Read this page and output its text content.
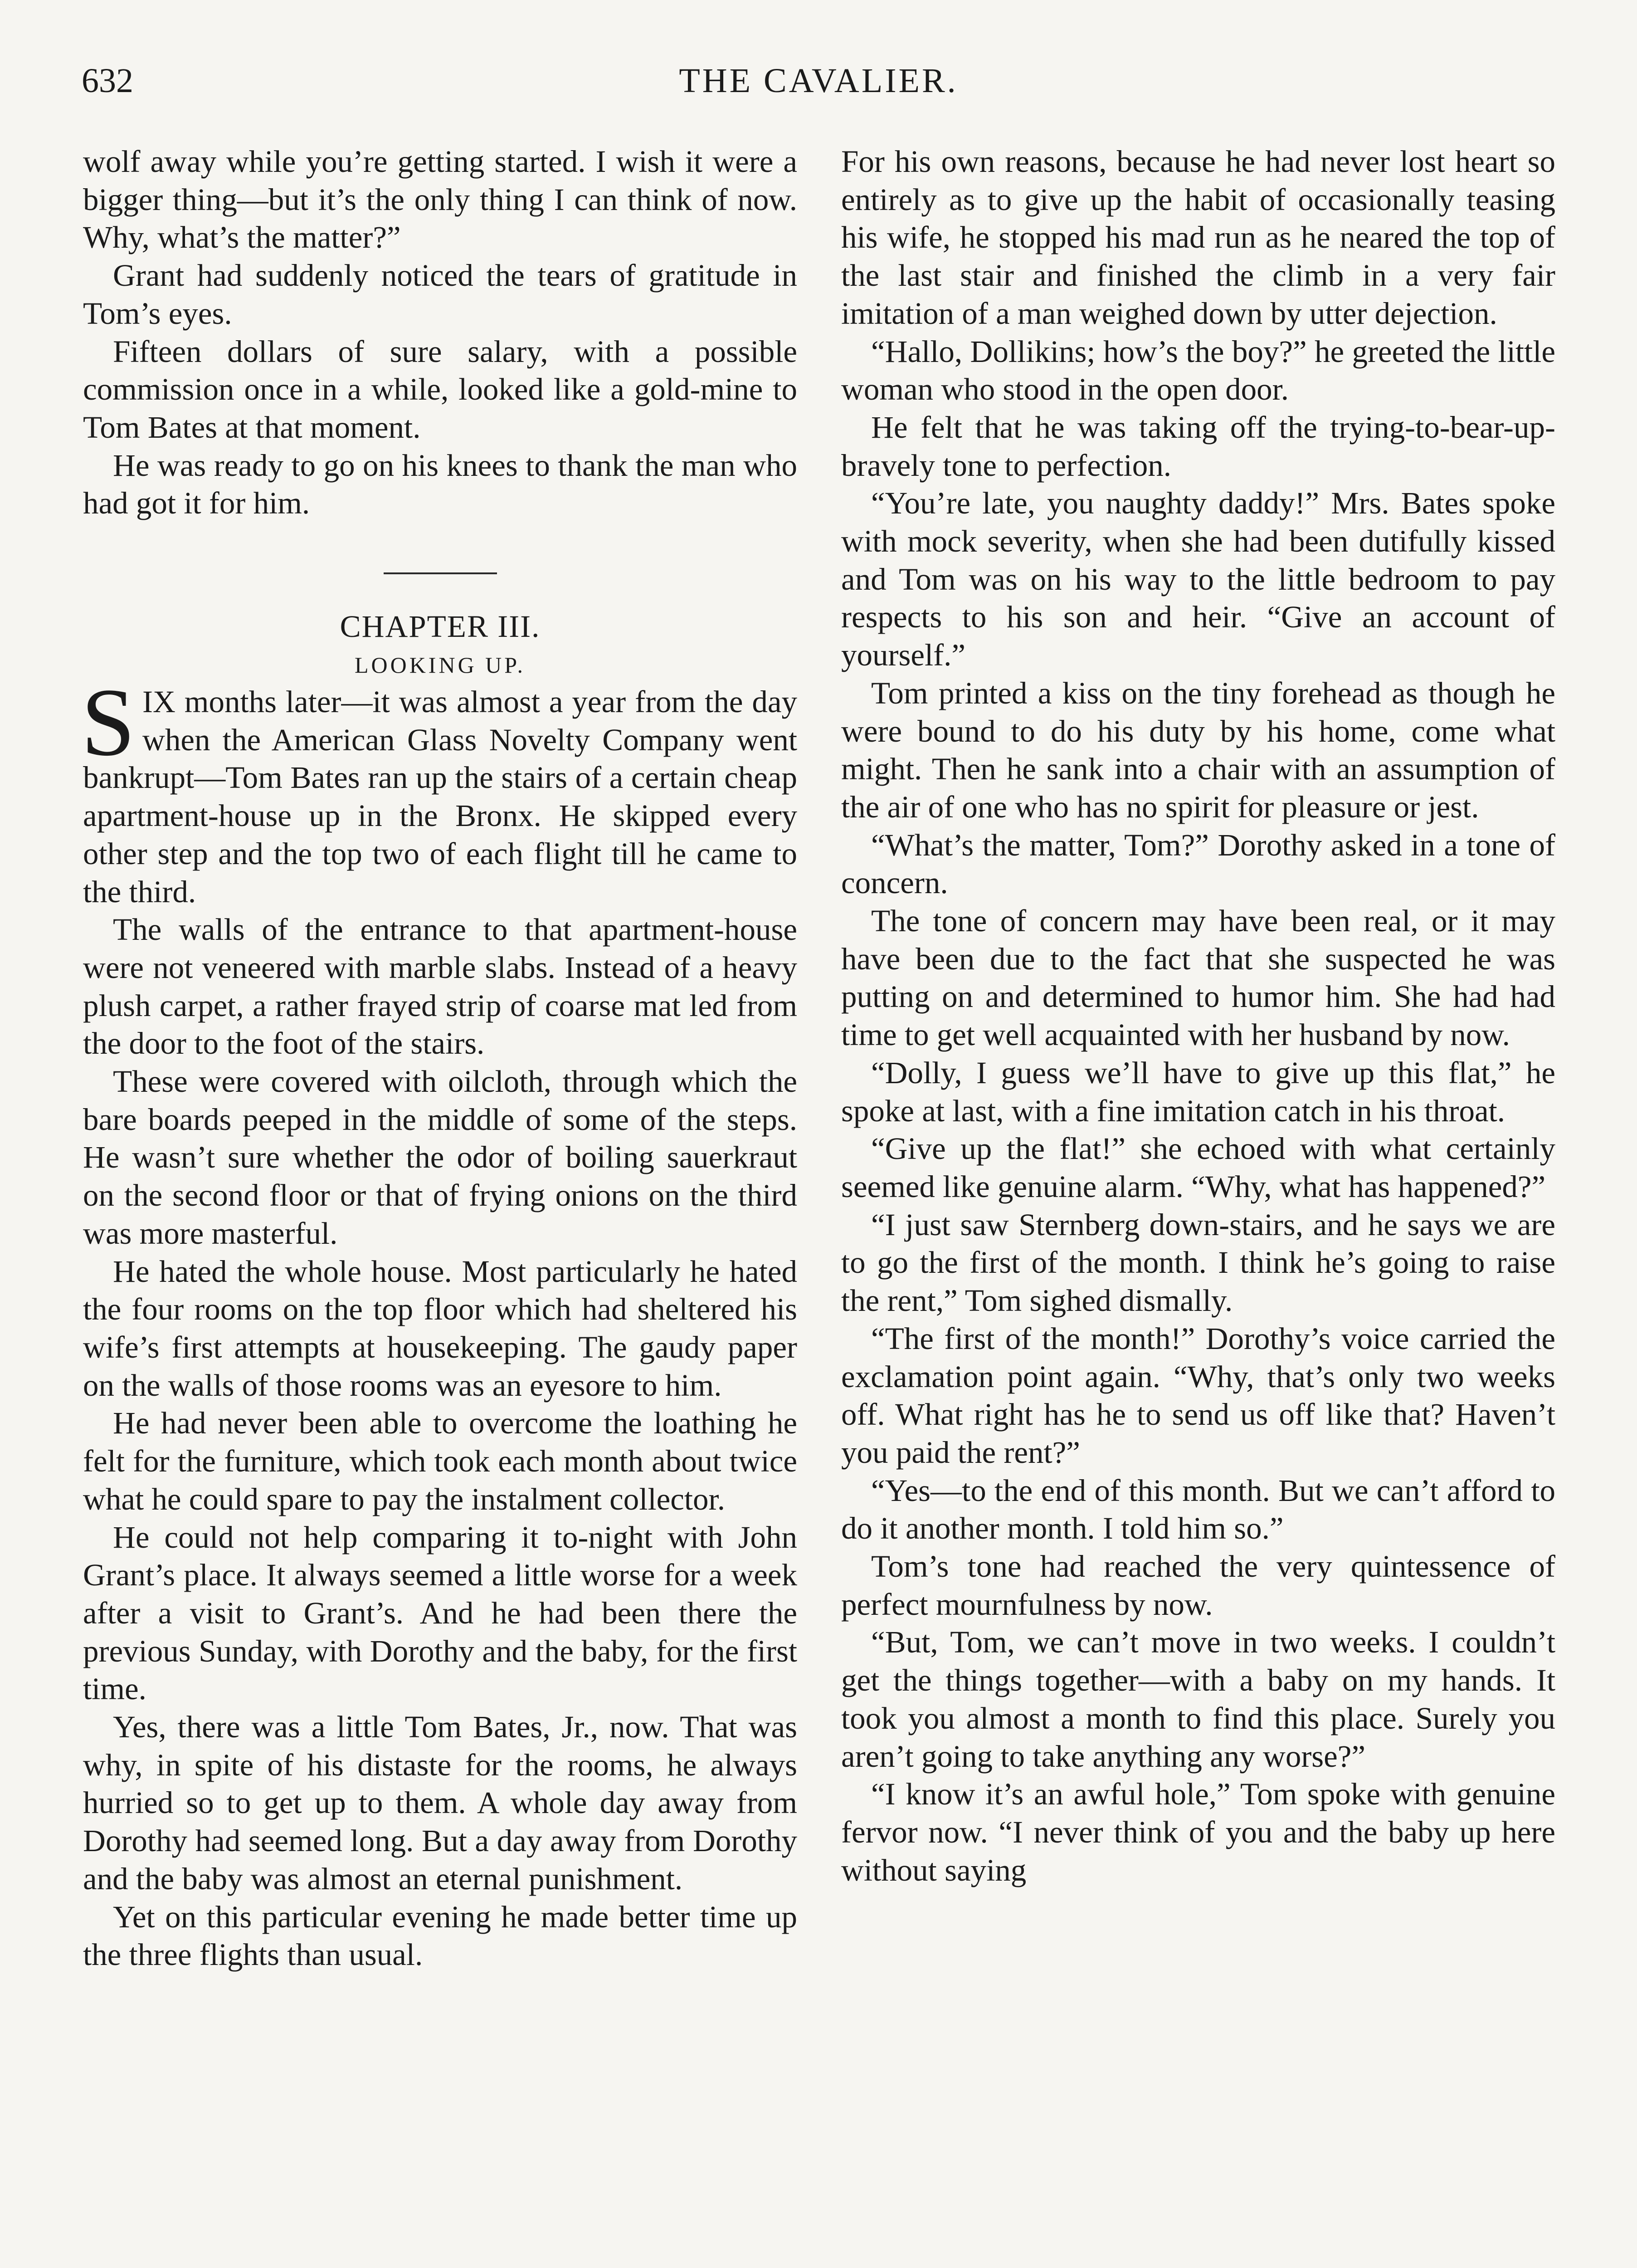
632	THE CAVALIER.

wolf away while you’re getting started. I wish it were a bigger thing—but it’s the only thing I can think of now. Why, what’s the matter?”

Grant had suddenly noticed the tears of gratitude in Tom’s eyes.

Fifteen dollars of sure salary, with a possible commission once in a while, looked like a gold-mine to Tom Bates at that moment.

He was ready to go on his knees to thank the man who had got it for him.

CHAPTER III.

LOOKING UP.

SIX months later—it was almost a year from the day when the American Glass Novelty Company went bankrupt—Tom Bates ran up the stairs of a certain cheap apartment-house up in the Bronx. He skipped every other step and the top two of each flight till he came to the third.

The walls of the entrance to that apartment-house were not veneered with marble slabs. Instead of a heavy plush carpet, a rather frayed strip of coarse mat led from the door to the foot of the stairs.

These were covered with oilcloth, through which the bare boards peeped in the middle of some of the steps. He wasn’t sure whether the odor of boiling sauerkraut on the second floor or that of frying onions on the third was more masterful.

He hated the whole house. Most particularly he hated the four rooms on the top floor which had sheltered his wife’s first attempts at housekeeping. The gaudy paper on the walls of those rooms was an eyesore to him.

He had never been able to overcome the loathing he felt for the furniture, which took each month about twice what he could spare to pay the instalment collector.

He could not help comparing it to-night with John Grant’s place. It always seemed a little worse for a week after a visit to Grant’s. And he had been there the previous Sunday, with Dorothy and the baby, for the first time.

Yes, there was a little Tom Bates, Jr., now. That was why, in spite of his distaste for the rooms, he always hurried so to get up to them. A whole day away from Dorothy had seemed long. But a day away from Dorothy and the baby was almost an eternal punishment.

Yet on this particular evening he made better time up the three flights than usual.

For his own reasons, because he had never lost heart so entirely as to give up the habit of occasionally teasing his wife, he stopped his mad run as he neared the top of the last stair and finished the climb in a very fair imitation of a man weighed down by utter dejection.

“Hallo, Dollikins; how’s the boy?” he greeted the little woman who stood in the open door.

He felt that he was taking off the trying-to-bear-up-bravely tone to perfection.

“You’re late, you naughty daddy!” Mrs. Bates spoke with mock severity, when she had been dutifully kissed and Tom was on his way to the little bedroom to pay respects to his son and heir. “Give an account of yourself.”

Tom printed a kiss on the tiny forehead as though he were bound to do his duty by his home, come what might. Then he sank into a chair with an assumption of the air of one who has no spirit for pleasure or jest.

“What’s the matter, Tom?” Dorothy asked in a tone of concern.

The tone of concern may have been real, or it may have been due to the fact that she suspected he was putting on and determined to humor him. She had had time to get well acquainted with her husband by now.

“Dolly, I guess we’ll have to give up this flat,” he spoke at last, with a fine imitation catch in his throat.

“Give up the flat!” she echoed with what certainly seemed like genuine alarm. “Why, what has happened?”

“I just saw Sternberg down-stairs, and he says we are to go the first of the month. I think he’s going to raise the rent,” Tom sighed dismally.

“The first of the month!” Dorothy’s voice carried the exclamation point again. “Why, that’s only two weeks off. What right has he to send us off like that? Haven’t you paid the rent?”

“Yes—to the end of this month. But we can’t afford to do it another month. I told him so.”

Tom’s tone had reached the very quintessence of perfect mournfulness by now.

“But, Tom, we can’t move in two weeks. I couldn’t get the things together—with a baby on my hands. It took you almost a month to find this place. Surely you aren’t going to take anything any worse?”

“I know it’s an awful hole,” Tom spoke with genuine fervor now. “I never think of you and the baby up here without saying
